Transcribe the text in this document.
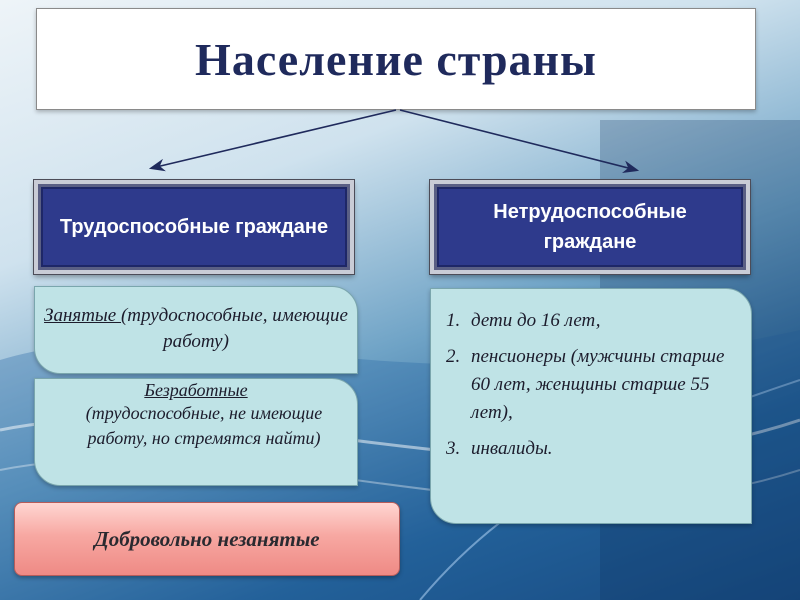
Население страны
Трудоспособные граждане
Нетрудоспособные граждане
Занятые (трудоспособные, имеющие работу)
Безработные
(трудоспособные, не имеющие работу, но стремятся найти)
1. дети до 16 лет,
2. пенсионеры (мужчины старше 60 лет, женщины старше 55 лет),
3. инвалиды.
Добровольно незанятые
